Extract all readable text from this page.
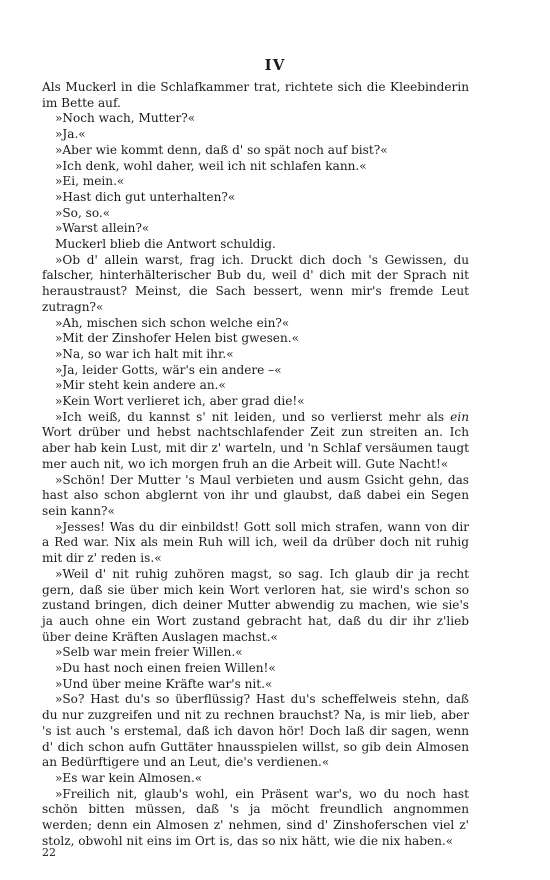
IV

Als Muckerl in die Schlafkammer trat, richtete sich die Kleebinderin im Bette auf.

»Noch wach, Mutter?«

»Ja.«

»Aber wie kommt denn, daß d' so spät noch auf bist?«

»Ich denk, wohl daher, weil ich nit schlafen kann.«

»Ei, mein.«

»Hast dich gut unterhalten?«

»So, so.«

»Warst allein?«

Muckerl blieb die Antwort schuldig.

»Ob d' allein warst, frag ich. Druckt dich doch 's Gewissen, du falscher, hinterhälterischer Bub du, weil d' dich mit der Sprach nit heraustraust? Meinst, die Sach bessert, wenn mir's fremde Leut zutragn?«

»Ah, mischen sich schon welche ein?«

»Mit der Zinshofer Helen bist gwesen.«

»Na, so war ich halt mit ihr.«

»Ja, leider Gotts, wär's ein andere –«

»Mir steht kein andere an.«

»Kein Wort verlieret ich, aber grad die!«

»Ich weiß, du kannst s' nit leiden, und so verlierst mehr als ein Wort drüber und hebst nachtschlafender Zeit zun streiten an. Ich aber hab kein Lust, mit dir z' warteln, und 'n Schlaf versäumen taugt mer auch nit, wo ich morgen fruh an die Arbeit will. Gute Nacht!«

»Schön! Der Mutter 's Maul verbieten und ausm Gsicht gehn, das hast also schon abglernt von ihr und glaubst, daß dabei ein Segen sein kann?«

»Jesses! Was du dir einbildst! Gott soll mich strafen, wann von dir a Red war. Nix als mein Ruh will ich, weil da drüber doch nit ruhig mit dir z' reden is.«

»Weil d' nit ruhig zuhören magst, so sag. Ich glaub dir ja recht gern, daß sie über mich kein Wort verloren hat, sie wird's schon so zustand bringen, dich deiner Mutter abwendig zu machen, wie sie's ja auch ohne ein Wort zustand gebracht hat, daß du dir ihr z'lieb über deine Kräften Auslagen machst.«

»Selb war mein freier Willen.«

»Du hast noch einen freien Willen!«

»Und über meine Kräfte war's nit.«

»So? Hast du's so überflüssig? Hast du's scheffelweis stehn, daß du nur zuzgreifen und nit zu rechnen brauchst? Na, is mir lieb, aber 's ist auch 's erstemal, daß ich davon hör! Doch laß dir sagen, wenn d' dich schon aufn Guttäter hnausspielen willst, so gib dein Almosen an Bedürftigere und an Leut, die's verdienen.«

»Es war kein Almosen.«

»Freilich nit, glaub's wohl, ein Präsent war's, wo du noch hast schön bitten müssen, daß 's ja möcht freundlich angnommen werden; denn ein Almosen z' nehmen, sind d' Zinshoferschen viel z' stolz, obwohl nit eins im Ort is, das so nix hätt, wie die nix haben.«

22
